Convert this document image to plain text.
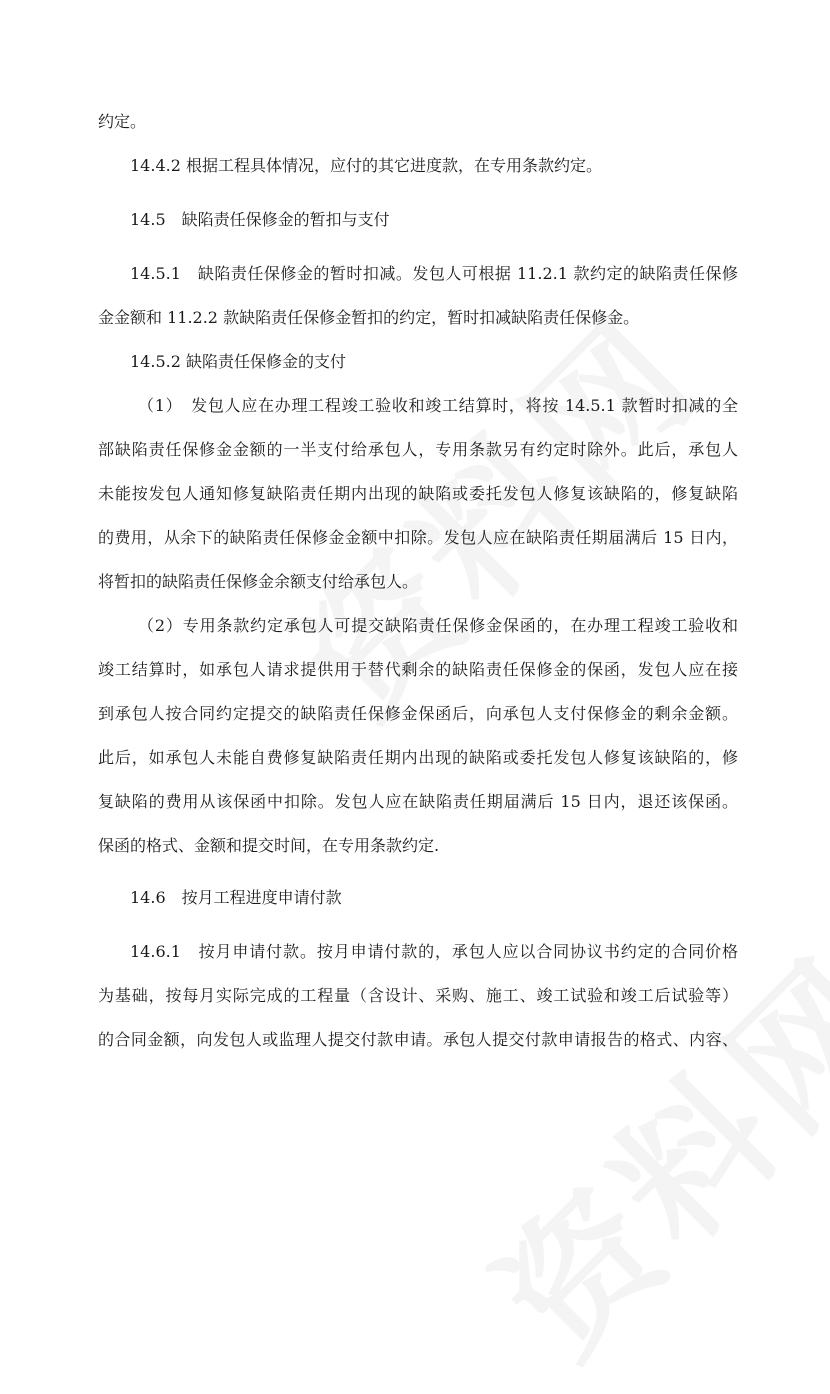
约定。
14.4.2 根据工程具体情况，应付的其它进度款，在专用条款约定。
14.5　缺陷责任保修金的暂扣与支付
14.5.1　缺陷责任保修金的暂时扣减。发包人可根据 11.2.1 款约定的缺陷责任保修
金金额和 11.2.2 款缺陷责任保修金暂扣的约定，暂时扣减缺陷责任保修金。
14.5.2 缺陷责任保修金的支付
（1）　发包人应在办理工程竣工验收和竣工结算时，将按 14.5.1 款暂时扣减的全
部缺陷责任保修金金额的一半支付给承包人，专用条款另有约定时除外。此后，承包人
未能按发包人通知修复缺陷责任期内出现的缺陷或委托发包人修复该缺陷的，修复缺陷
的费用，从余下的缺陷责任保修金金额中扣除。发包人应在缺陷责任期届满后 15 日内，
将暂扣的缺陷责任保修金余额支付给承包人。
（2）专用条款约定承包人可提交缺陷责任保修金保函的，在办理工程竣工验收和
竣工结算时，如承包人请求提供用于替代剩余的缺陷责任保修金的保函，发包人应在接
到承包人按合同约定提交的缺陷责任保修金保函后，向承包人支付保修金的剩余金额。
此后，如承包人未能自费修复缺陷责任期内出现的缺陷或委托发包人修复该缺陷的，修
复缺陷的费用从该保函中扣除。发包人应在缺陷责任期届满后 15 日内，退还该保函。
保函的格式、金额和提交时间，在专用条款约定.
14.6　按月工程进度申请付款
14.6.1　按月申请付款。按月申请付款的，承包人应以合同协议书约定的合同价格
为基础，按每月实际完成的工程量（含设计、采购、施工、竣工试验和竣工后试验等）
的合同金额，向发包人或监理人提交付款申请。承包人提交付款申请报告的格式、内容、
